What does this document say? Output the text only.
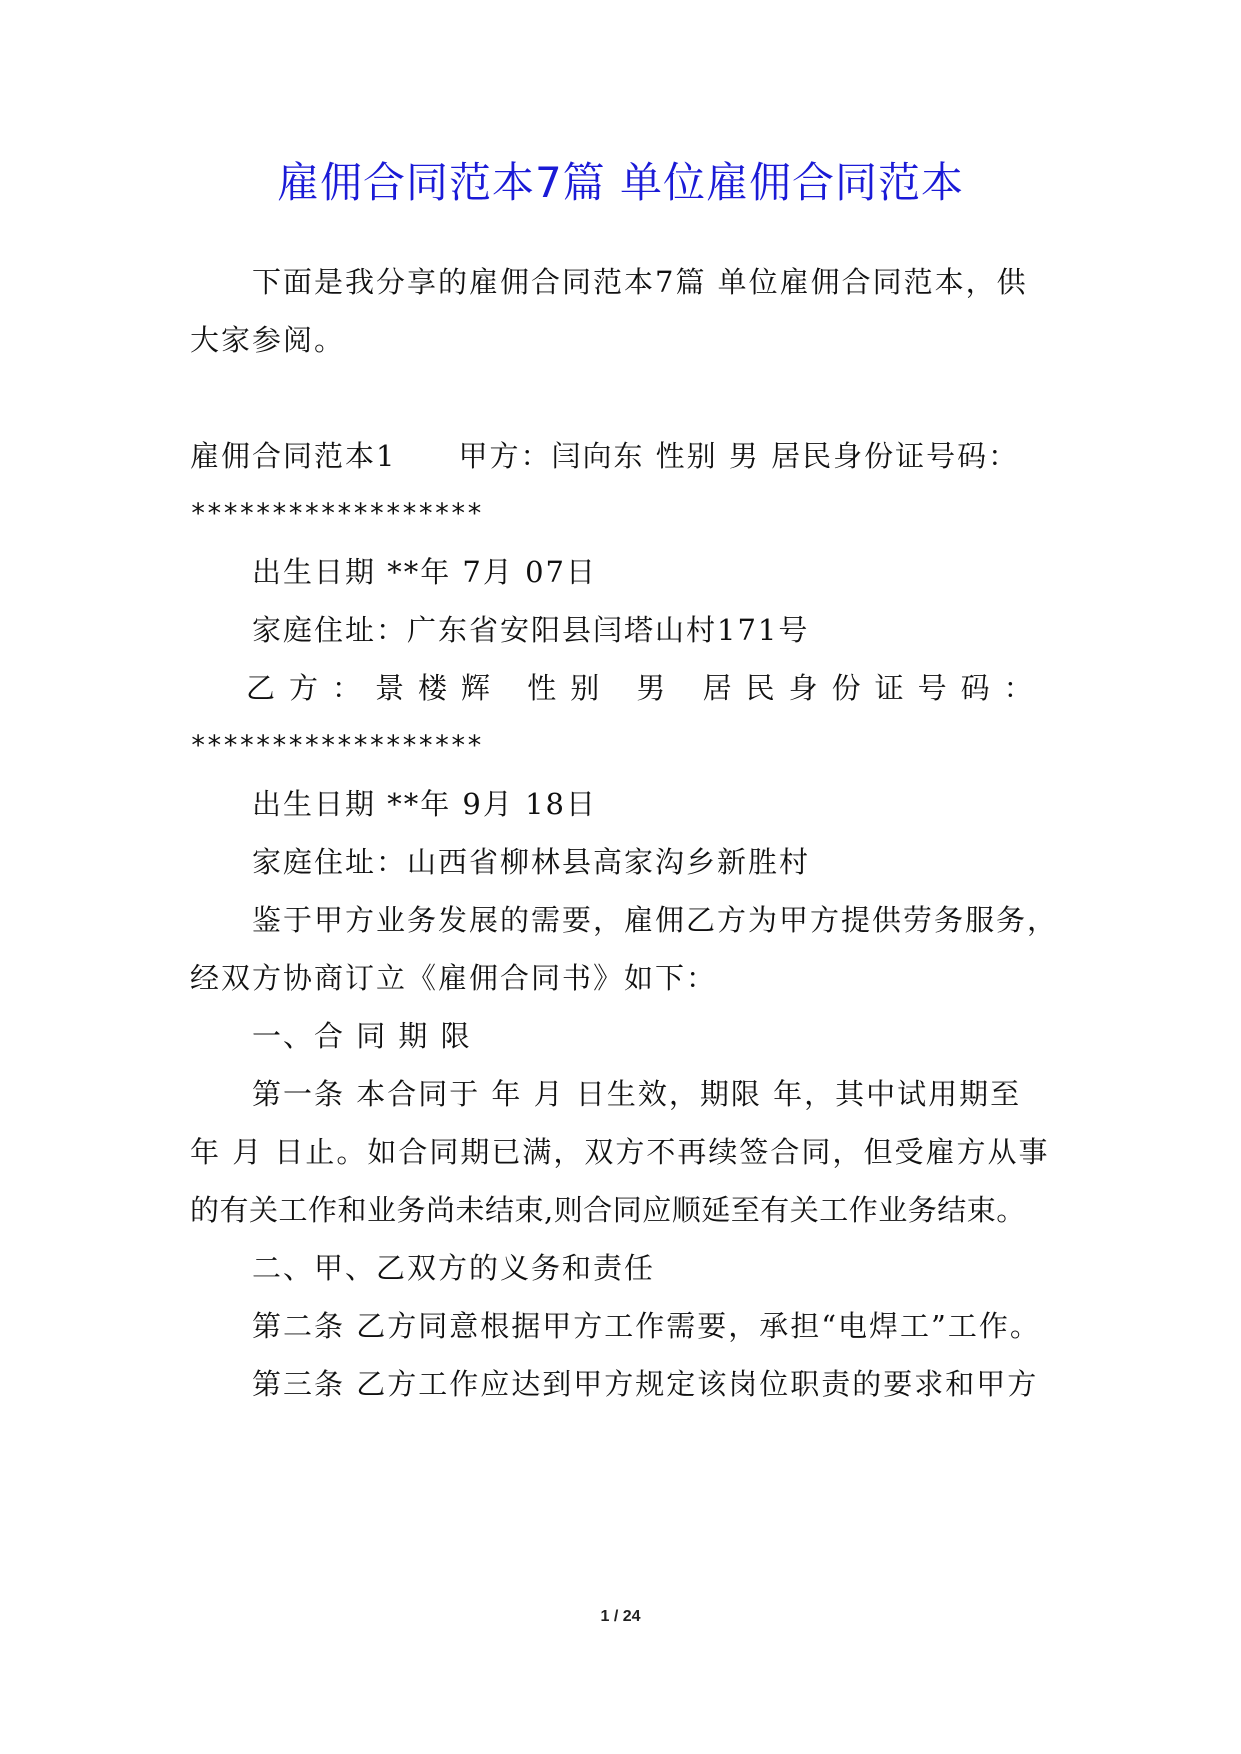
雇佣合同范本7篇 单位雇佣合同范本
下面是我分享的雇佣合同范本7篇 单位雇佣合同范本，供
大家参阅。
雇佣合同范本1　　甲方：闫向东 性别 男 居民身份证号码：
******************
出生日期 **年 7月 07日
家庭住址：广东省安阳县闫塔山村171号
乙方：景楼辉 性别 男 居民身份证号码：
******************
出生日期 **年 9月 18日
家庭住址：山西省柳林县高家沟乡新胜村
鉴于甲方业务发展的需要，雇佣乙方为甲方提供劳务服务，
经双方协商订立《雇佣合同书》如下：
一、合 同 期 限
第一条 本合同于 年 月 日生效，期限 年，其中试用期至
年 月 日止。如合同期已满，双方不再续签合同，但受雇方从事
的有关工作和业务尚未结束,则合同应顺延至有关工作业务结束。
二、甲、乙双方的义务和责任
第二条 乙方同意根据甲方工作需要，承担“电焊工”工作。
第三条 乙方工作应达到甲方规定该岗位职责的要求和甲方
1 / 24
